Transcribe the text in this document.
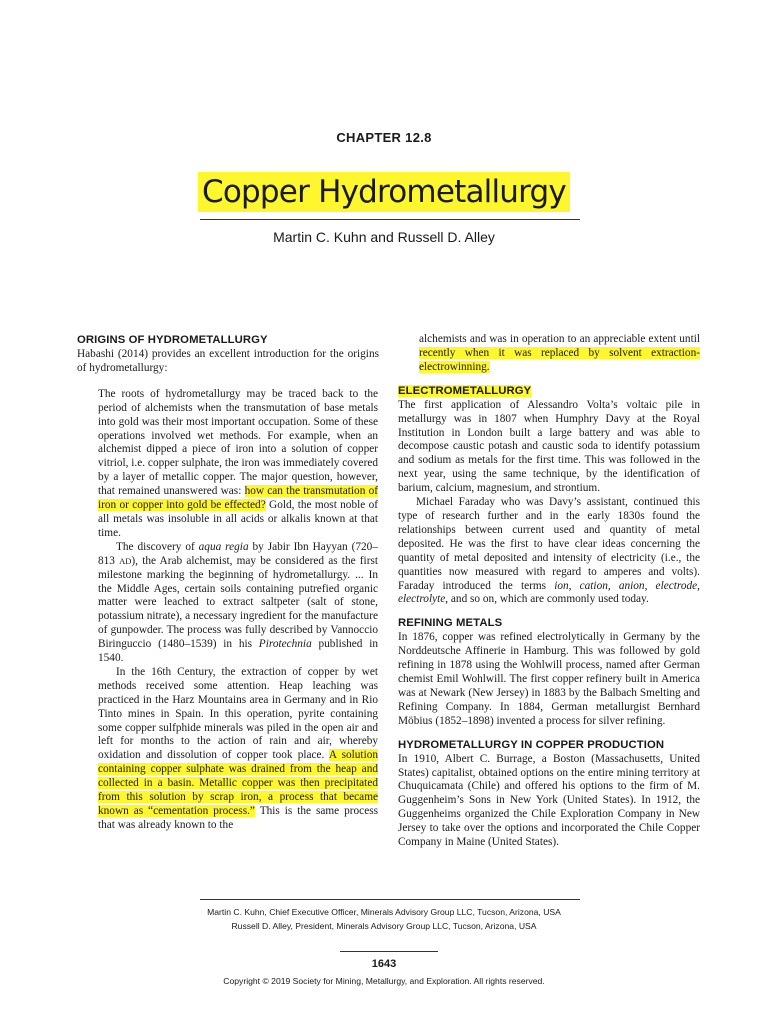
CHAPTER 12.8
Copper Hydrometallurgy
Martin C. Kuhn and Russell D. Alley
ORIGINS OF HYDROMETALLURGY

Habashi (2014) provides an excellent introduction for the origins of hydrometallurgy:

The roots of hydrometallurgy may be traced back to the period of alchemists when the transmutation of base metals into gold was their most important occupation. Some of these operations involved wet methods. For example, when an alchemist dipped a piece of iron into a solution of copper vitriol, i.e. copper sulphate, the iron was immediately covered by a layer of metallic copper. The major question, however, that remained unanswered was: how can the transmutation of iron or copper into gold be effected? Gold, the most noble of all metals was insoluble in all acids or alkalis known at that time.

The discovery of aqua regia by Jabir Ibn Hayyan (720–813 AD), the Arab alchemist, may be considered as the first milestone marking the beginning of hydrometallurgy. ... In the Middle Ages, certain soils containing putrefied organic matter were leached to extract saltpeter (salt of stone, potassium nitrate), a necessary ingredient for the manufacture of gunpowder. The process was fully described by Vannoccio Biringuccio (1480–1539) in his Pirotechnia published in 1540.

In the 16th Century, the extraction of copper by wet methods received some attention. Heap leaching was practiced in the Harz Mountains area in Germany and in Rio Tinto mines in Spain. In this operation, pyrite containing some copper sulfphide minerals was piled in the open air and left for months to the action of rain and air, whereby oxidation and dissolution of copper took place. A solution containing copper sulphate was drained from the heap and collected in a basin. Metallic copper was then precipitated from this solution by scrap iron, a process that became known as “cementation process.” This is the same process that was already known to the

alchemists and was in operation to an appreciable extent until recently when it was replaced by solvent extraction-electrowinning.

ELECTROMETALLURGY

The first application of Alessandro Volta’s voltaic pile in metallurgy was in 1807 when Humphry Davy at the Royal Institution in London built a large battery and was able to decompose caustic potash and caustic soda to identify potassium and sodium as metals for the first time. This was followed in the next year, using the same technique, by the identification of barium, calcium, magnesium, and strontium.

Michael Faraday who was Davy’s assistant, continued this type of research further and in the early 1830s found the relationships between current used and quantity of metal deposited. He was the first to have clear ideas concerning the quantity of metal deposited and intensity of electricity (i.e., the quantities now measured with regard to amperes and volts). Faraday introduced the terms ion, cation, anion, electrode, electrolyte, and so on, which are commonly used today.

REFINING METALS

In 1876, copper was refined electrolytically in Germany by the Norddeutsche Affinerie in Hamburg. This was followed by gold refining in 1878 using the Wohlwill process, named after German chemist Emil Wohlwill. The first copper refinery built in America was at Newark (New Jersey) in 1883 by the Balbach Smelting and Refining Company. In 1884, German metallurgist Bernhard Möbius (1852–1898) invented a process for silver refining.

HYDROMETALLURGY IN COPPER PRODUCTION

In 1910, Albert C. Burrage, a Boston (Massachusetts, United States) capitalist, obtained options on the entire mining territory at Chuquicamata (Chile) and offered his options to the firm of M. Guggenheim’s Sons in New York (United States). In 1912, the Guggenheims organized the Chile Exploration Company in New Jersey to take over the options and incorporated the Chile Copper Company in Maine (United States).

Martin C. Kuhn, Chief Executive Officer, Minerals Advisory Group LLC, Tucson, Arizona, USA
Russell D. Alley, President, Minerals Advisory Group LLC, Tucson, Arizona, USA
1643
Copyright © 2019 Society for Mining, Metallurgy, and Exploration. All rights reserved.
